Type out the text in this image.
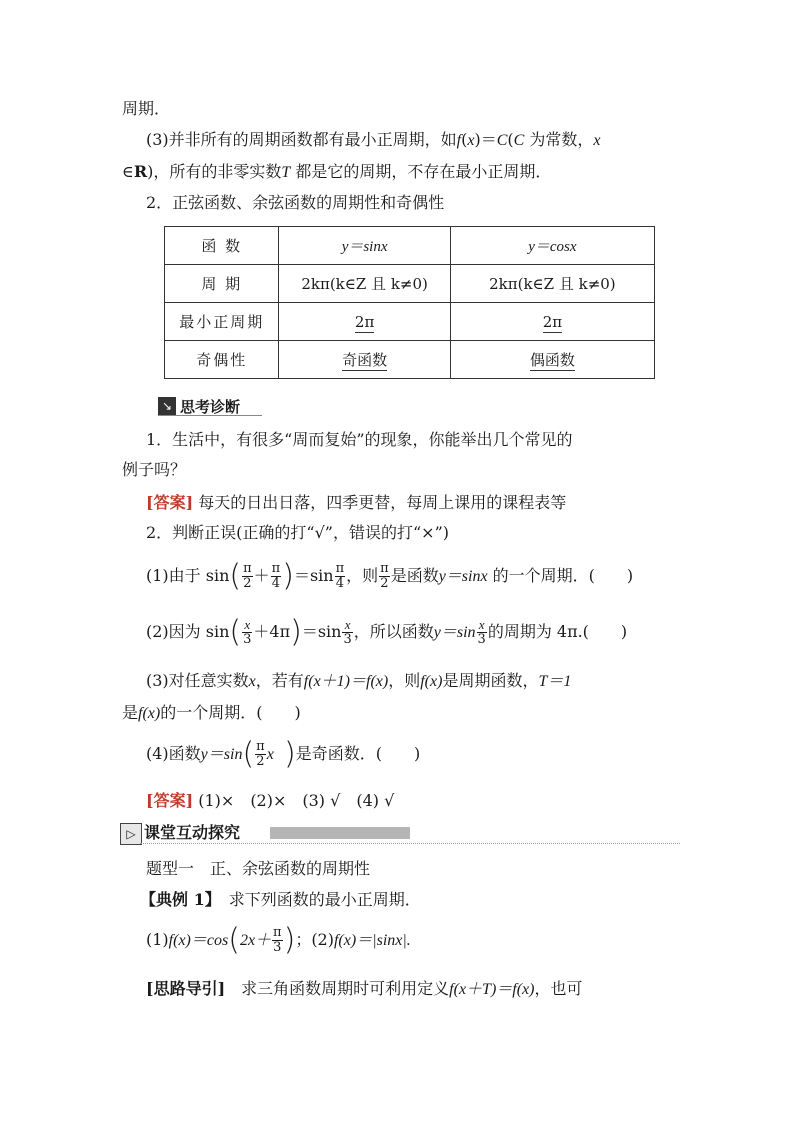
周期．
(3)并非所有的周期函数都有最小正周期，如f(x)＝C(C 为常数，x
∈R)，所有的非零实数T 都是它的周期，不存在最小正周期．
2．正弦函数、余弦函数的周期性和奇偶性
函 数	y＝sinx	y＝cosx
周 期	2kπ(k∈Z 且 k≠0)	2kπ(k∈Z 且 k≠0)
最小正周期	2π	2π
奇偶性	奇函数	偶函数
↘ 思考诊断
1．生活中，有很多“周而复始”的现象，你能举出几个常见的
例子吗？
[答案] 每天的日出日落，四季更替，每周上课用的课程表等
2．判断正误(正确的打“√”，错误的打“×”)
(1)由于 $\sin( \frac{\pi}{2} + \frac{\pi}{4} )=\sin \frac{\pi}{4}$ ，则 $\frac{\pi}{2}$ 是函数y＝sinx 的一个周期．(　　)
(2)因为 $\sin( \frac{x}{3} +4\pi)=\sin \frac{x}{3}$ ，所以函数$y=\sin \frac{x}{3}$ 的周期为 4π.(　　)
(3)对任意实数x，若有f(x＋1)＝f(x)，则f(x)是周期函数，T＝1
是f(x)的一个周期．(　　)
(4)函数$y=\sin( \frac{\pi}{2}$ x )是奇函数．(　　)
[答案] (1)×　(2)×　(3) √　(4) √
▷ 课堂互动探究
题型一　正、余弦函数的周期性
【典例 1】　求下列函数的最小正周期．
$(1)f(x)=\cos(2x+ \frac{\pi}{3}$ )；(2)f(x)＝|sinx|.
[思路导引]　求三角函数周期时可利用定义f(x＋T)＝f(x)，也可
